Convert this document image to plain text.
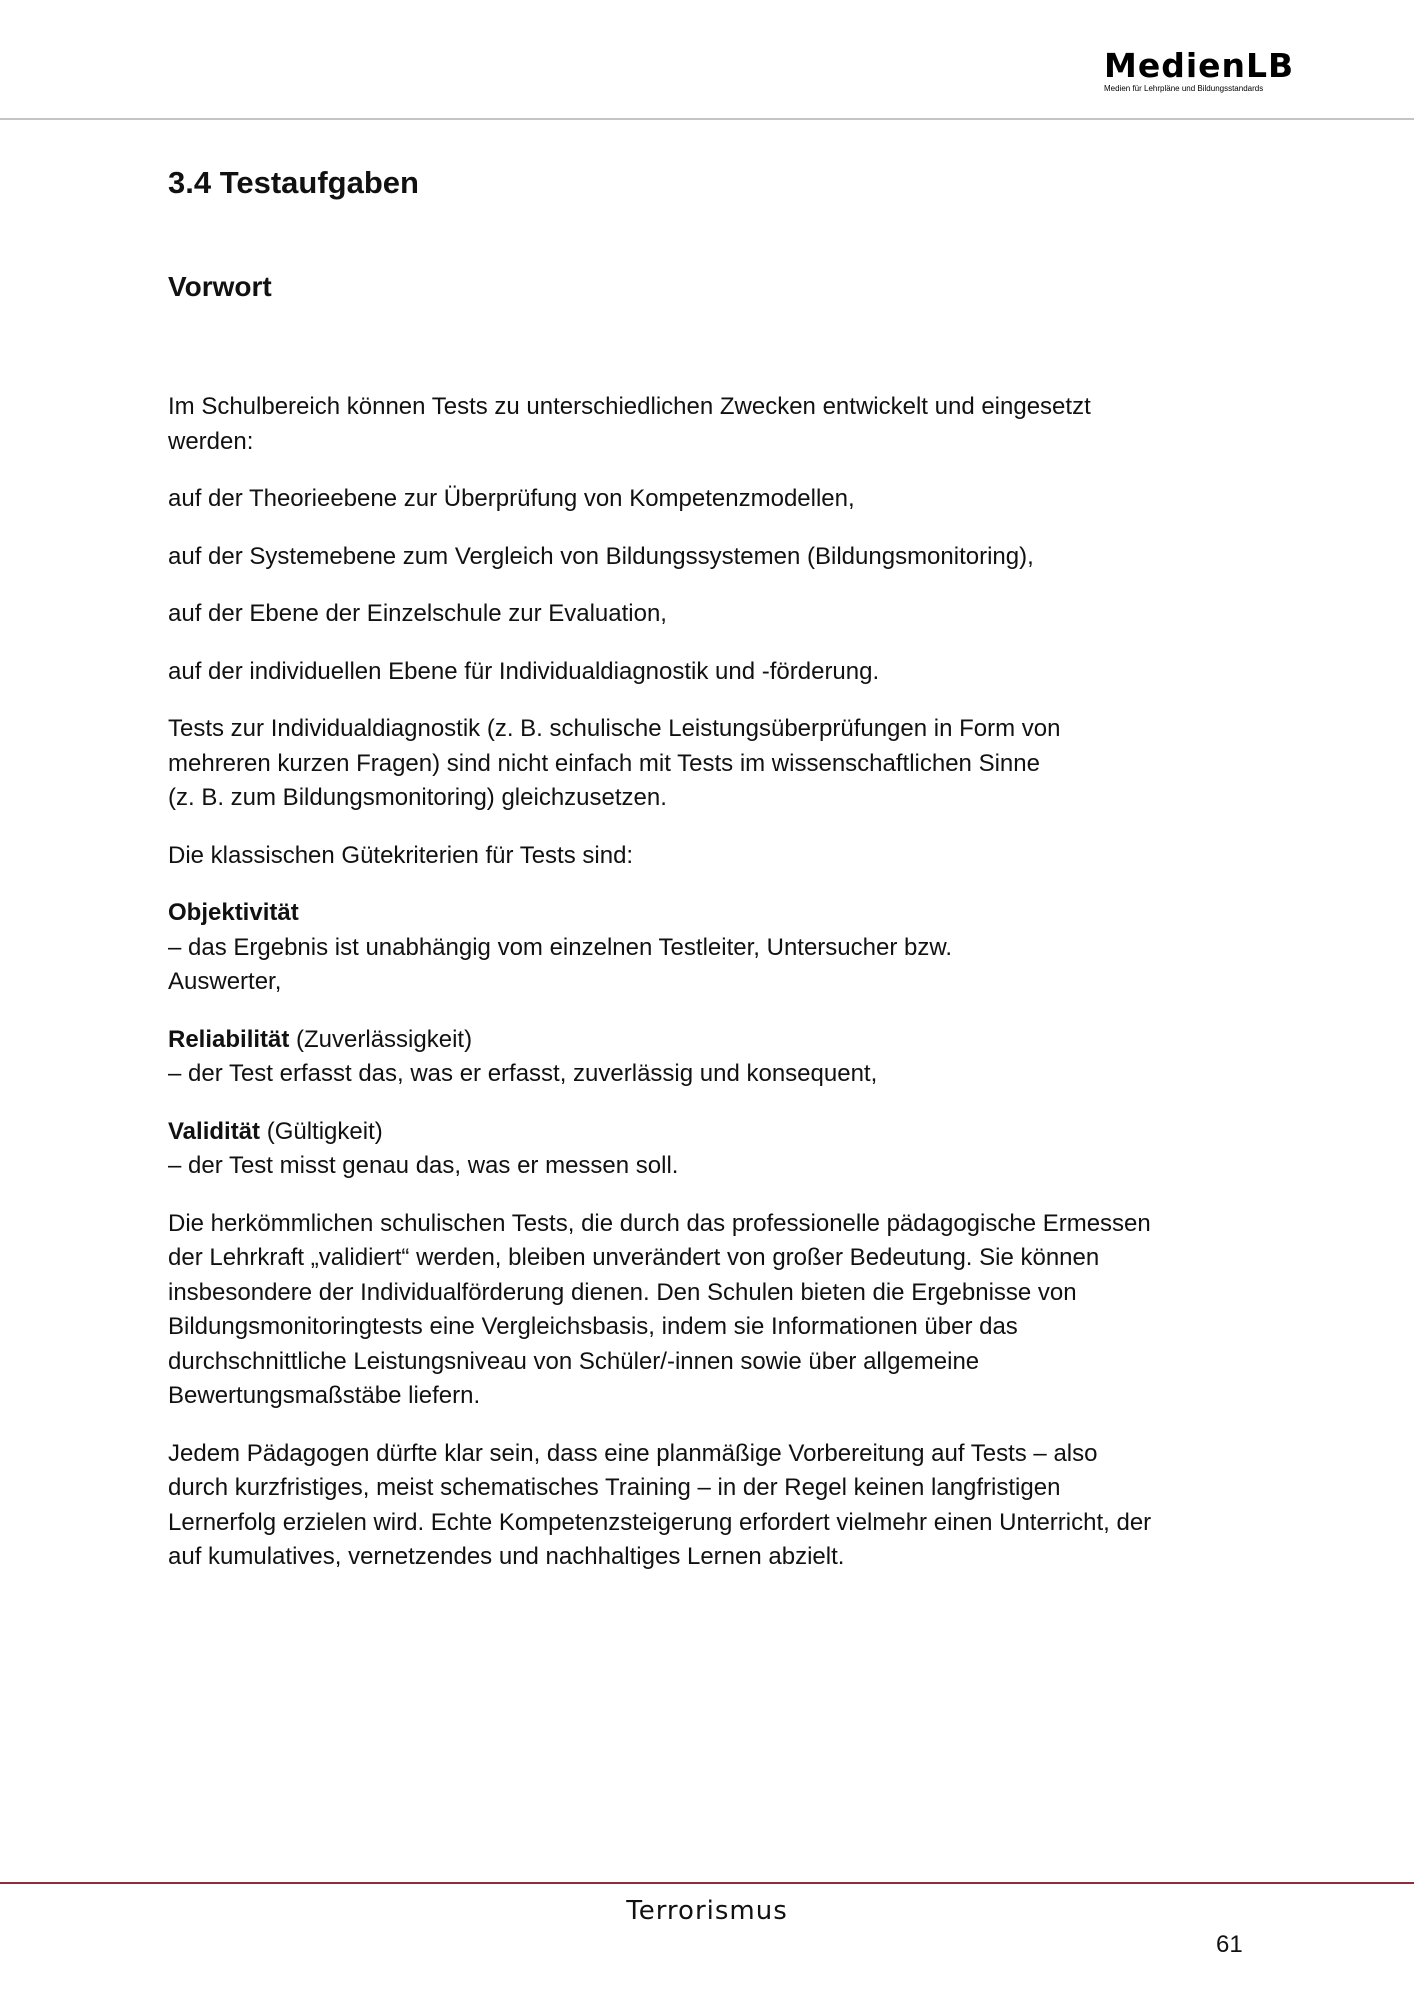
MedienLB
Medien für Lehrpläne und Bildungsstandards
3.4 Testaufgaben
Vorwort

Im Schulbereich können Tests zu unterschiedlichen Zwecken entwickelt und eingesetzt
werden:

auf der Theorieebene zur Überprüfung von Kompetenzmodellen,

auf der Systemebene zum Vergleich von Bildungssystemen (Bildungsmonitoring),

auf der Ebene der Einzelschule zur Evaluation,

auf der individuellen Ebene für Individualdiagnostik und -förderung.

Tests zur Individualdiagnostik (z. B. schulische Leistungsüberprüfungen in Form von
mehreren kurzen Fragen) sind nicht einfach mit Tests im wissenschaftlichen Sinne
(z. B. zum Bildungsmonitoring) gleichzusetzen.

Die klassischen Gütekriterien für Tests sind:

Objektivität
– das Ergebnis ist unabhängig vom einzelnen Testleiter, Untersucher bzw.
Auswerter,

Reliabilität (Zuverlässigkeit)
– der Test erfasst das, was er erfasst, zuverlässig und konsequent,

Validität (Gültigkeit)
– der Test misst genau das, was er messen soll.

Die herkömmlichen schulischen Tests, die durch das professionelle pädagogische Ermessen
der Lehrkraft „validiert“ werden, bleiben unverändert von großer Bedeutung. Sie können
insbesondere der Individualförderung dienen. Den Schulen bieten die Ergebnisse von
Bildungsmonitoringtests eine Vergleichsbasis, indem sie Informationen über das
durchschnittliche Leistungsniveau von Schüler/-innen sowie über allgemeine
Bewertungsmaßstäbe liefern.

Jedem Pädagogen dürfte klar sein, dass eine planmäßige Vorbereitung auf Tests – also
durch kurzfristiges, meist schematisches Training – in der Regel keinen langfristigen
Lernerfolg erzielen wird. Echte Kompetenzsteigerung erfordert vielmehr einen Unterricht, der
auf kumulatives, vernetzendes und nachhaltiges Lernen abzielt.

Terrorismus
61
